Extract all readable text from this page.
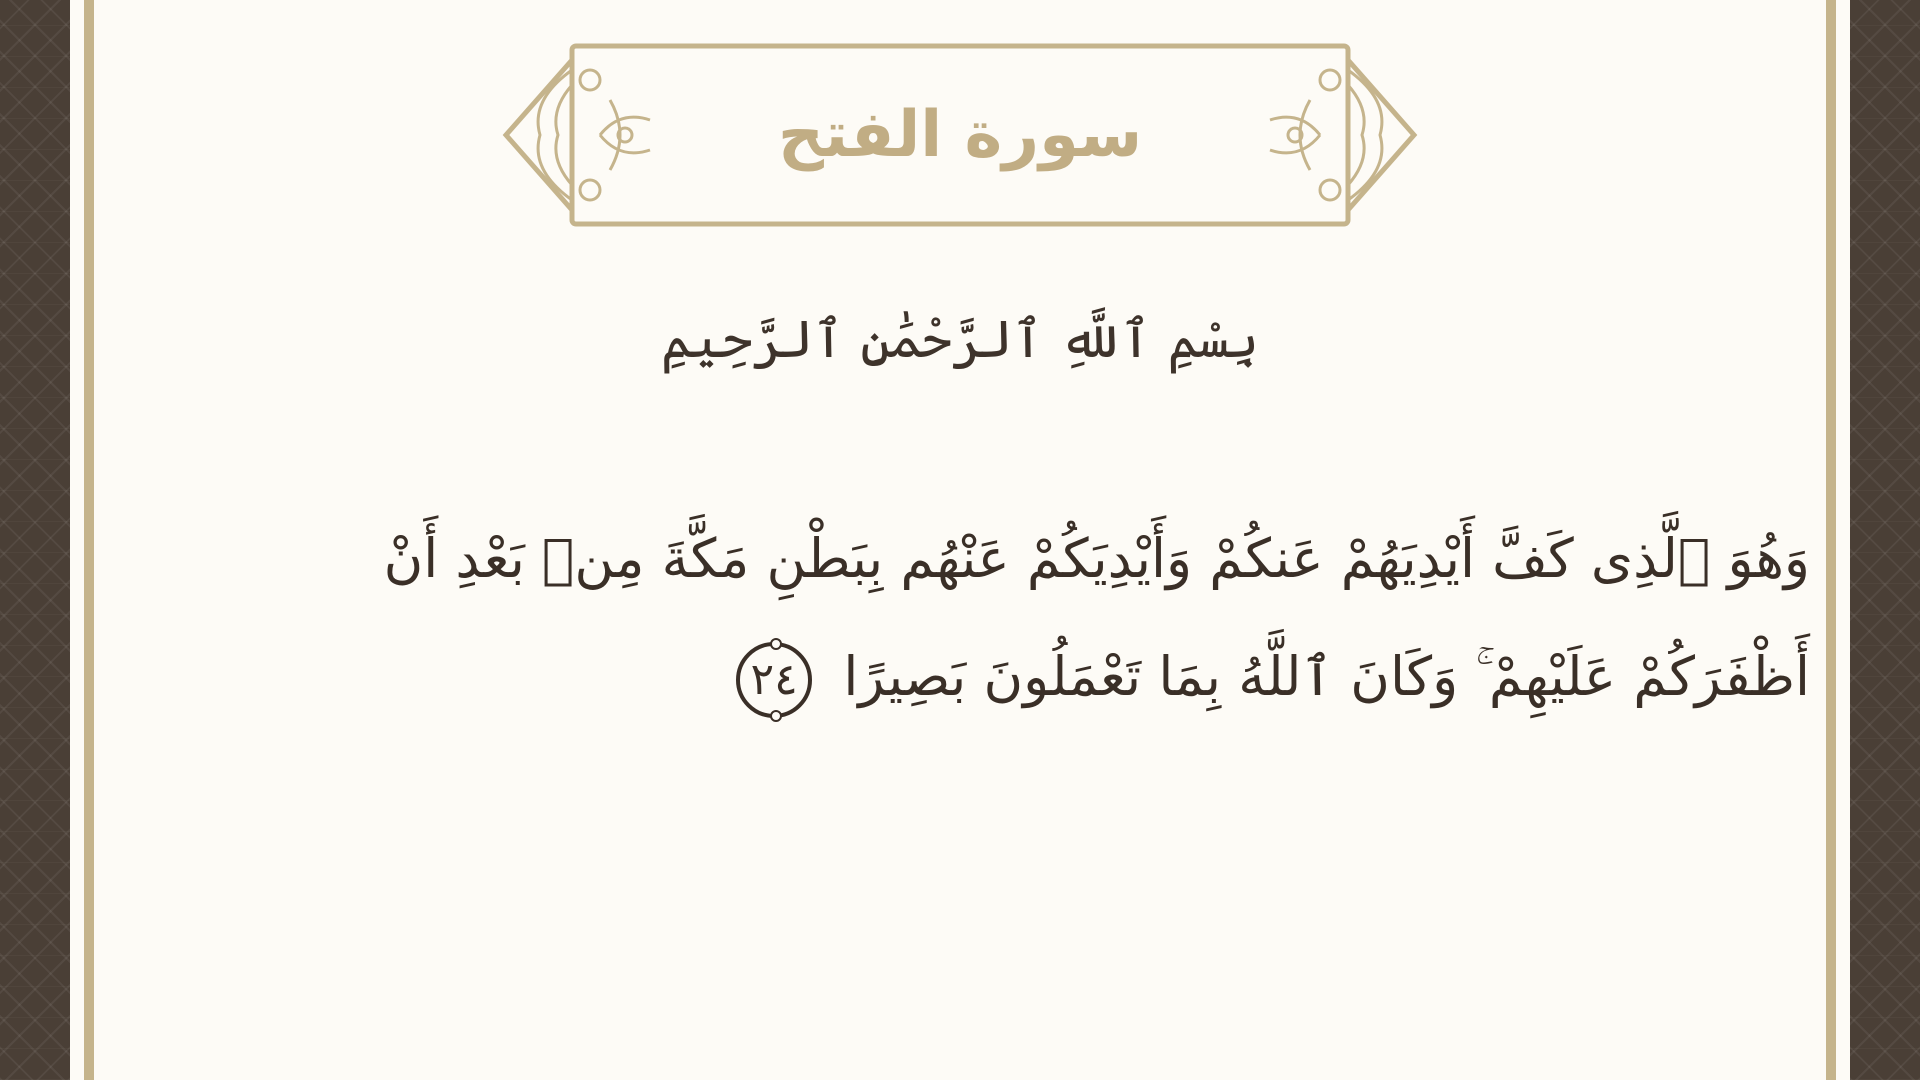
سورة الفتح
بِسْمِ ٱللَّهِ ٱلرَّحْمَٰنِ ٱلرَّحِيمِ
وَهُوَ ٱلَّذِى كَفَّ أَيْدِيَهُمْ عَنكُمْ وَأَيْدِيَكُمْ عَنْهُم بِبَطْنِ مَكَّةَ مِنۢ بَعْدِ أَنْ
أَظْفَرَكُمْ عَلَيْهِمْ ۚ وَكَانَ ٱللَّهُ بِمَا تَعْمَلُونَ بَصِيرًا ٢٤
